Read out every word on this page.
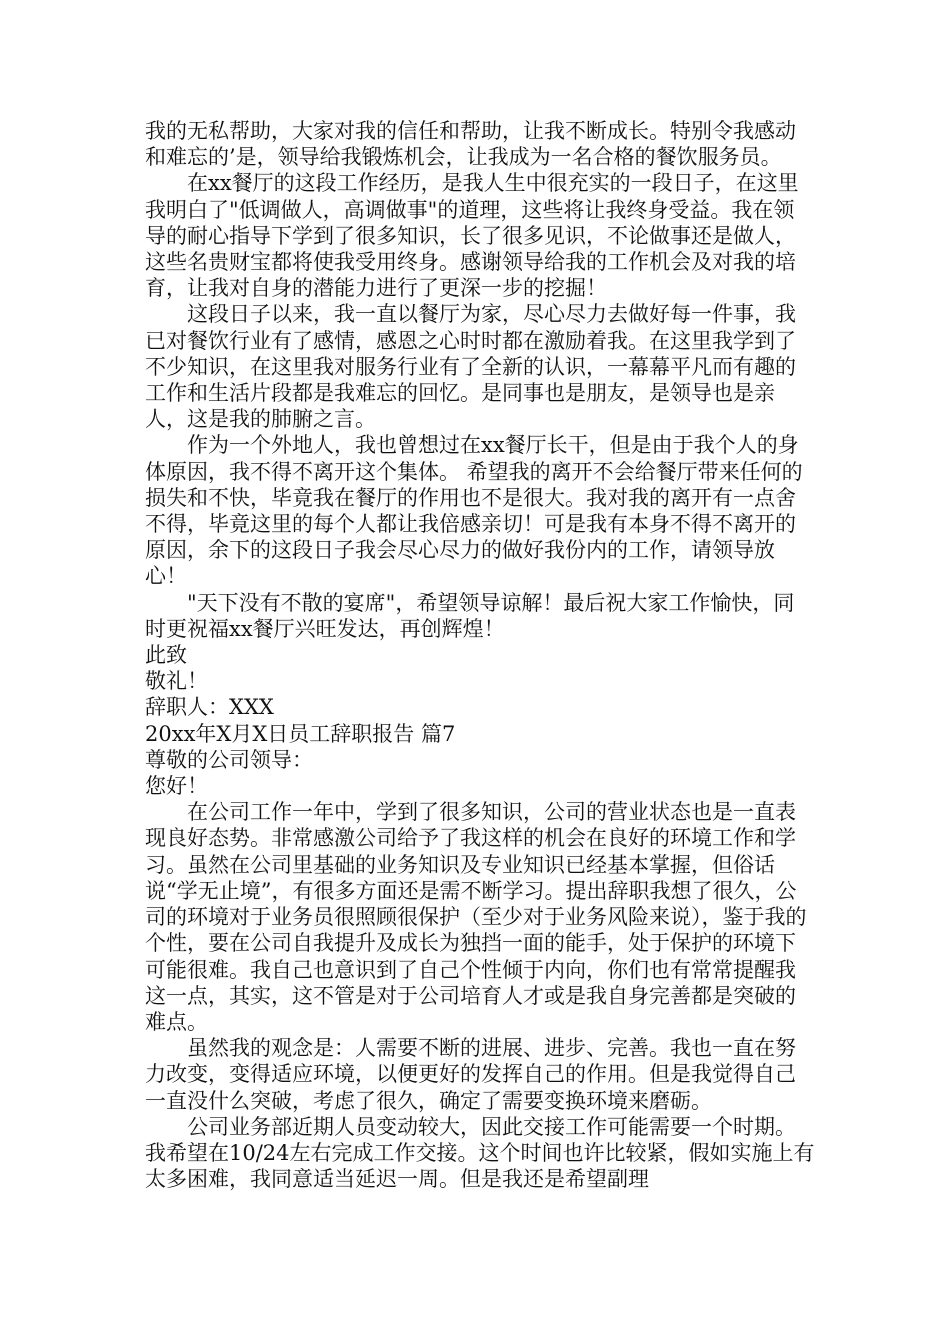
我的无私帮助，大家对我的信任和帮助，让我不断成长。特别令我感动和难忘的’是，领导给我锻炼机会，让我成为一名合格的餐饮服务员。

在xx餐厅的这段工作经历，是我人生中很充实的一段日子，在这里我明白了"低调做人，高调做事"的道理，这些将让我终身受益。我在领导的耐心指导下学到了很多知识，长了很多见识，不论做事还是做人，这些名贵财宝都将使我受用终身。感谢领导给我的工作机会及对我的培育，让我对自身的潜能力进行了更深一步的挖掘！

这段日子以来，我一直以餐厅为家，尽心尽力去做好每一件事，我已对餐饮行业有了感情，感恩之心时时都在激励着我。在这里我学到了不少知识，在这里我对服务行业有了全新的认识，一幕幕平凡而有趣的工作和生活片段都是我难忘的回忆。是同事也是朋友，是领导也是亲人，这是我的肺腑之言。

作为一个外地人，我也曾想过在xx餐厅长干，但是由于我个人的身体原因，我不得不离开这个集体。 希望我的离开不会给餐厅带来任何的损失和不快，毕竟我在餐厅的作用也不是很大。我对我的离开有一点舍不得，毕竟这里的每个人都让我倍感亲切！可是我有本身不得不离开的原因，余下的这段日子我会尽心尽力的做好我份内的工作，请领导放心！

"天下没有不散的宴席"，希望领导谅解！最后祝大家工作愉快，同时更祝福xx餐厅兴旺发达，再创辉煌！

此致

敬礼！

辞职人：XXX

20xx年X月X日员工辞职报告 篇7

尊敬的公司领导：

您好！

在公司工作一年中，学到了很多知识，公司的营业状态也是一直表现良好态势。非常感激公司给予了我这样的机会在良好的环境工作和学习。虽然在公司里基础的业务知识及专业知识已经基本掌握，但俗话说“学无止境”，有很多方面还是需不断学习。提出辞职我想了很久，公司的环境对于业务员很照顾很保护（至少对于业务风险来说），鉴于我的个性，要在公司自我提升及成长为独挡一面的能手，处于保护的环境下可能很难。我自己也意识到了自己个性倾于内向，你们也有常常提醒我这一点，其实，这不管是对于公司培育人才或是我自身完善都是突破的难点。

虽然我的观念是：人需要不断的进展、进步、完善。我也一直在努力改变，变得适应环境，以便更好的发挥自己的作用。但是我觉得自己一直没什么突破，考虑了很久，确定了需要变换环境来磨砺。

公司业务部近期人员变动较大，因此交接工作可能需要一个时期。我希望在10/24左右完成工作交接。这个时间也许比较紧，假如实施上有太多困难，我同意适当延迟一周。但是我还是希望副理
